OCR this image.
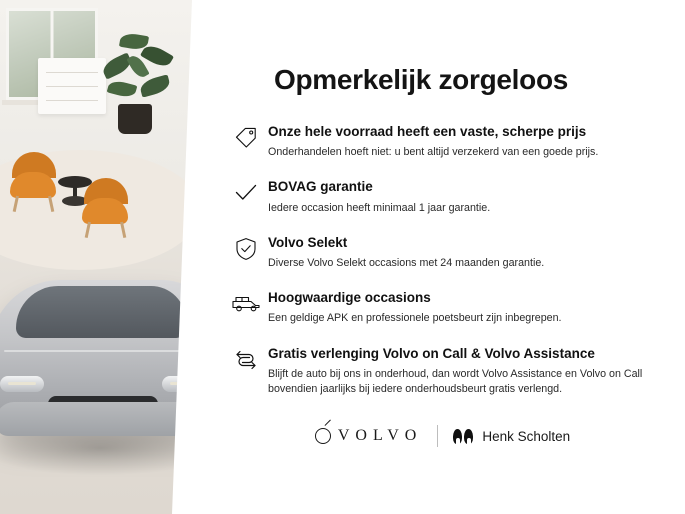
Opmerkelijk zorgeloos
Onze hele voorraad heeft een vaste, scherpe prijs
Onderhandelen hoeft niet: u bent altijd verzekerd van een goede prijs.
BOVAG garantie
Iedere occasion heeft minimaal 1 jaar garantie.
Volvo Selekt
Diverse Volvo Selekt occasions met 24 maanden garantie.
Hoogwaardige occasions
Een geldige APK en professionele poetsbeurt zijn inbegrepen.
Gratis verlenging Volvo on Call & Volvo Assistance
Blijft de auto bij ons in onderhoud, dan wordt Volvo Assistance en Volvo on Call bovendien jaarlijks bij iedere onderhoudsbeurt gratis verlengd.
VOLVO	Henk Scholten
